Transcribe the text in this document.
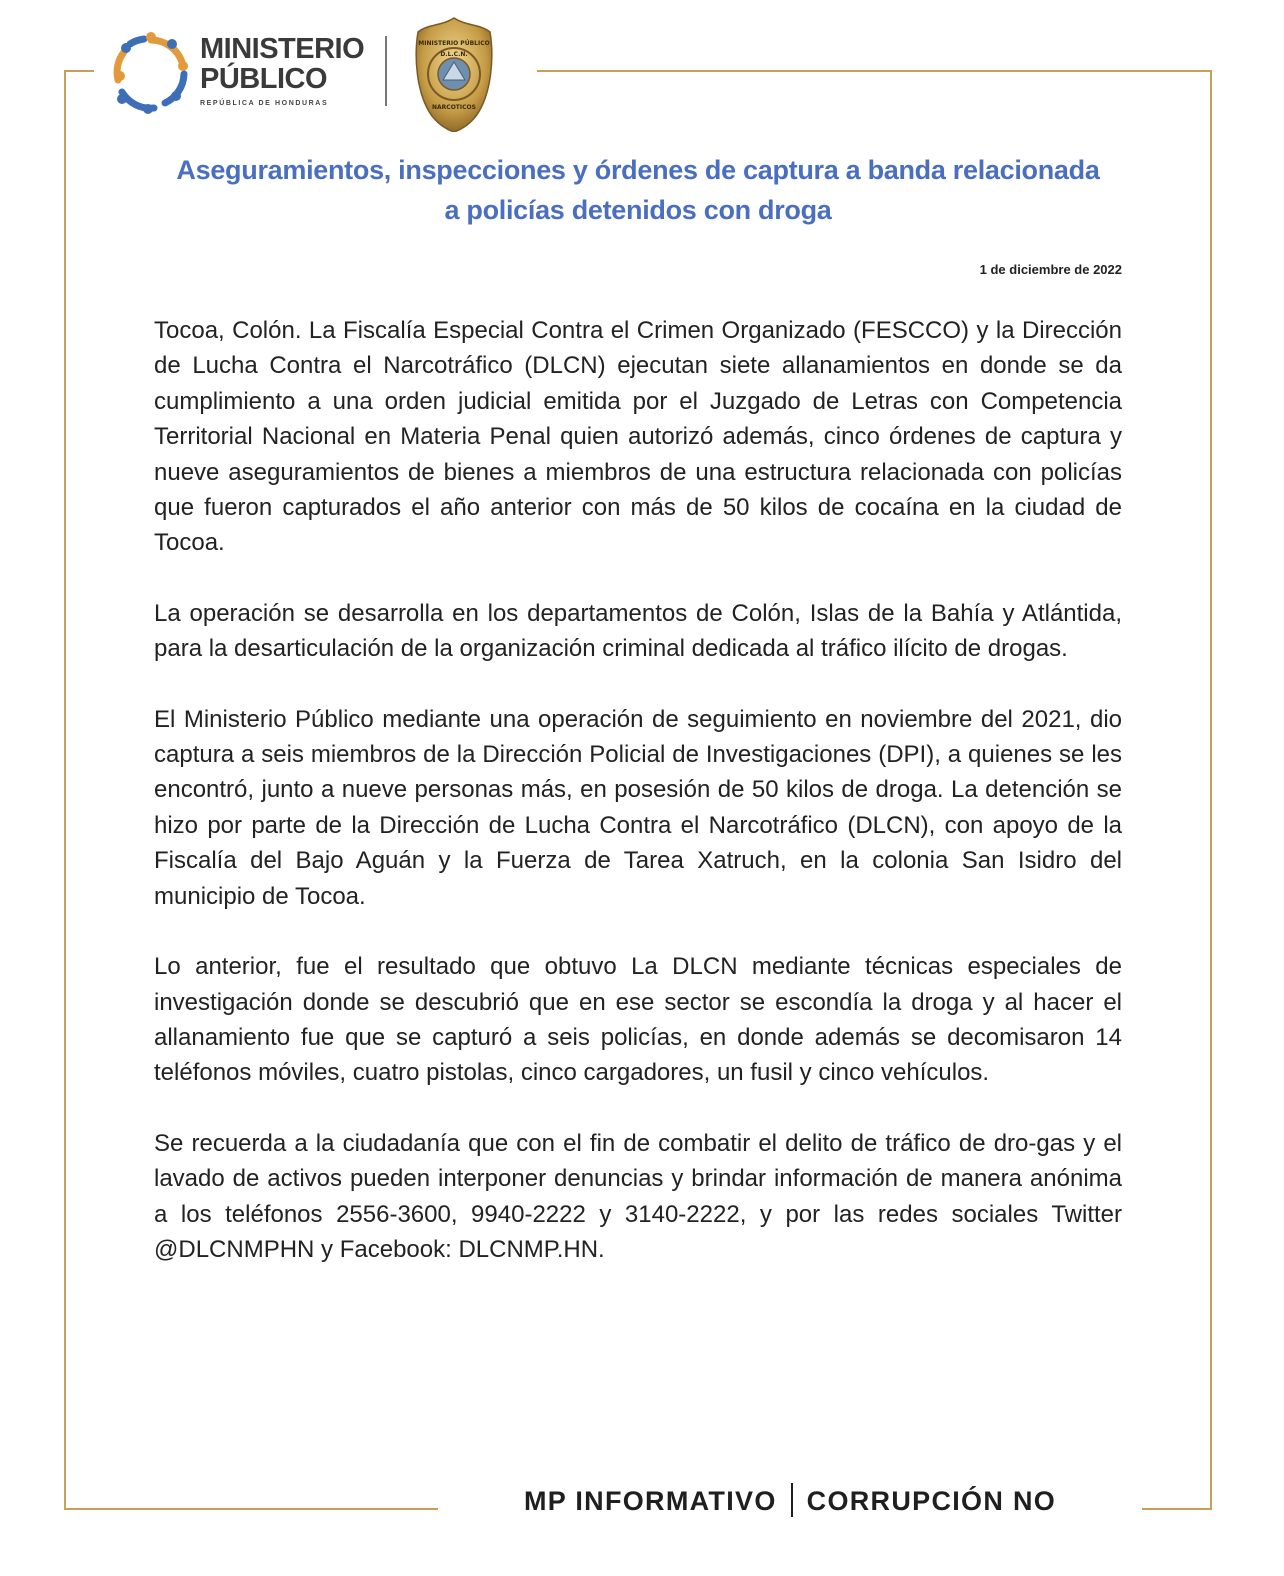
MINISTERIO
PÚBLICO
REPÚBLICA DE HONDURAS
MINISTERIO PÚBLICO
D.L.C.N.
NARCOTICOS
Aseguramientos, inspecciones y órdenes de captura a banda relacionada
a policías detenidos con droga
1 de diciembre de 2022

Tocoa, Colón. La Fiscalía Especial Contra el Crimen Organizado (FESCCO) y la Dirección de Lucha Contra el Narcotráfico (DLCN) ejecutan siete allanamientos en donde se da cumplimiento a una orden judicial emitida por el Juzgado de Letras con Competencia Territorial Nacional en Materia Penal quien autorizó además, cinco órdenes de captura y nueve aseguramientos de bienes a miembros de una estructura relacionada con policías que fueron capturados el año anterior con más de 50 kilos de cocaína en la ciudad de Tocoa.

La operación se desarrolla en los departamentos de Colón, Islas de la Bahía y Atlántida, para la desarticulación de la organización criminal dedicada al tráfico ilícito de drogas.

El Ministerio Público mediante una operación de seguimiento en noviembre del 2021, dio captura a seis miembros de la Dirección Policial de Investigaciones (DPI), a quienes se les encontró, junto a nueve personas más, en posesión de 50 kilos de droga. La detención se hizo por parte de la Dirección de Lucha Contra el Narcotráfico (DLCN), con apoyo de la Fiscalía del Bajo Aguán y la Fuerza de Tarea Xatruch, en la colonia San Isidro del municipio de Tocoa.

Lo anterior, fue el resultado que obtuvo La DLCN mediante técnicas especiales de investigación donde se descubrió que en ese sector se escondía la droga y al hacer el allanamiento fue que se capturó a seis policías, en donde además se decomisaron 14 teléfonos móviles, cuatro pistolas, cinco cargadores, un fusil y cinco vehículos.

Se recuerda a la ciudadanía que con el fin de combatir el delito de tráfico de dro-gas y el lavado de activos pueden interponer denuncias y brindar información de manera anónima a los teléfonos 2556-3600, 9940-2222 y 3140-2222, y por las redes sociales Twitter @DLCNMPHN y Facebook: DLCNMP.HN.

MP INFORMATIVO CORRUPCIÓN NO
